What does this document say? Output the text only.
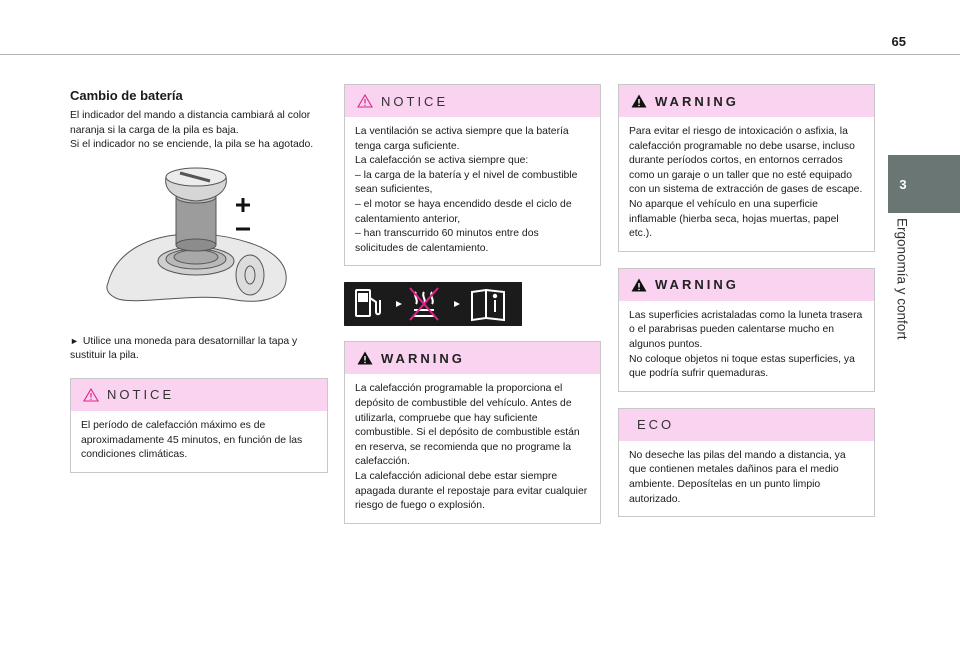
65
3
Ergonomía y confort
Cambio de batería

El indicador del mando a distancia cambiará al color naranja si la carga de la pila es baja.

Si el indicador no se enciende, la pila se ha agotado.

► Utilice una moneda para desatornillar la tapa y sustituir la pila.

NOTICE

El período de calefacción máximo es de aproximadamente 45 minutos, en función de las condiciones climáticas.

NOTICE

La ventilación se activa siempre que la batería tenga carga suficiente.

La calefacción se activa siempre que:

– la carga de la batería y el nivel de combustible sean suficientes,

– el motor se haya encendido desde el ciclo de calentamiento anterior,

– han transcurrido 60 minutos entre dos solicitudes de calentamiento.

WARNING

La calefacción programable la proporciona el depósito de combustible del vehículo. Antes de utilizarla, compruebe que hay suficiente combustible. Si el depósito de combustible están en reserva, se recomienda que no programe la calefacción.

La calefacción adicional debe estar siempre apagada durante el repostaje para evitar cualquier riesgo de fuego o explosión.

WARNING

Para evitar el riesgo de intoxicación o asfixia, la calefacción programable no debe usarse, incluso durante períodos cortos, en entornos cerrados como un garaje o un taller que no esté equipado con un sistema de extracción de gases de escape.

No aparque el vehículo en una superficie inflamable (hierba seca, hojas muertas, papel etc.).

WARNING

Las superficies acristaladas como la luneta trasera o el parabrisas pueden calentarse mucho en algunos puntos.

No coloque objetos ni toque estas superficies, ya que podría sufrir quemaduras.

ECO

No deseche las pilas del mando a distancia, ya que contienen metales dañinos para el medio ambiente. Deposítelas en un punto limpio autorizado.
